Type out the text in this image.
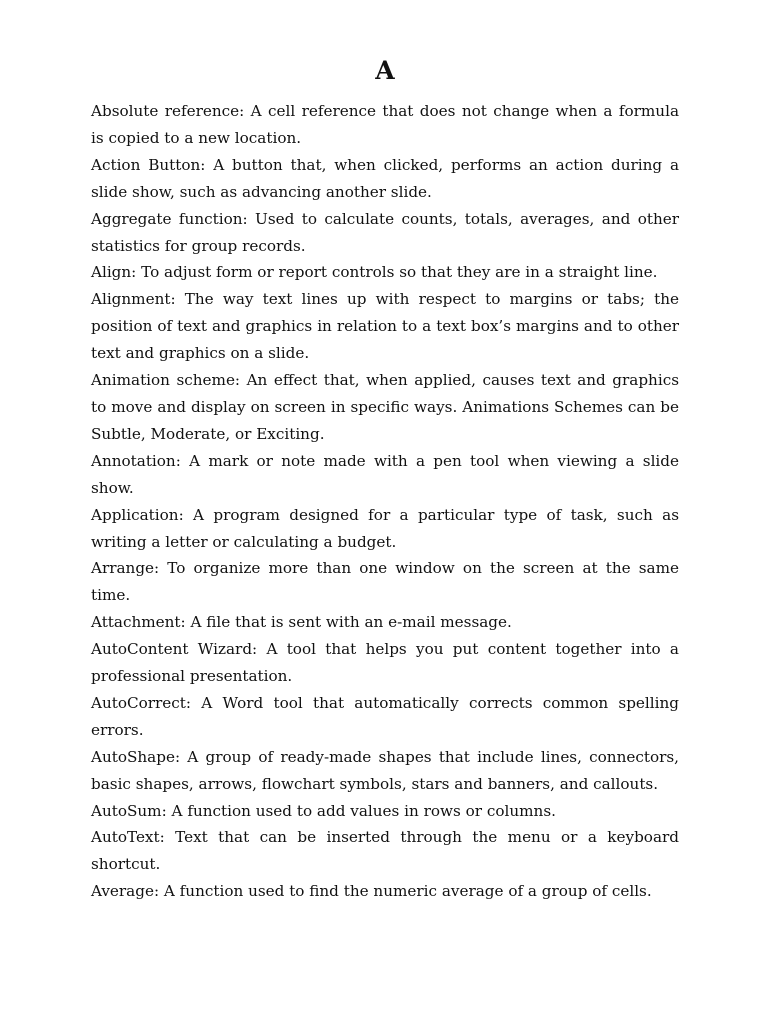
A
Absolute reference: A cell reference that does not change when a formula is copied to a new location.
Action Button: A button that, when clicked, performs an action during a slide show, such as advancing another slide.
Aggregate function: Used to calculate counts, totals, averages, and other statistics for group records.
Align: To adjust form or report controls so that they are in a straight line.
Alignment: The way text lines up with respect to margins or tabs; the position of text and graphics in relation to a text box’s margins and to other text and graphics on a slide.
Animation scheme: An effect that, when applied, causes text and graphics to move and display on screen in specific ways. Animations Schemes can be Subtle, Moderate, or Exciting.
Annotation: A mark or note made with a pen tool when viewing a slide show.
Application: A program designed for a particular type of task, such as writing a letter or calculating a budget.
Arrange: To organize more than one window on the screen at the same time.
Attachment: A file that is sent with an e-mail message.
AutoContent Wizard: A tool that helps you put content together into a professional presentation.
AutoCorrect: A Word tool that automatically corrects common spelling errors.
AutoShape: A group of ready-made shapes that include lines, connectors, basic shapes, arrows, flowchart symbols, stars and banners, and callouts.
AutoSum: A function used to add values in rows or columns.
AutoText: Text that can be inserted through the menu or a keyboard shortcut.
Average: A function used to find the numeric average of a group of cells.
